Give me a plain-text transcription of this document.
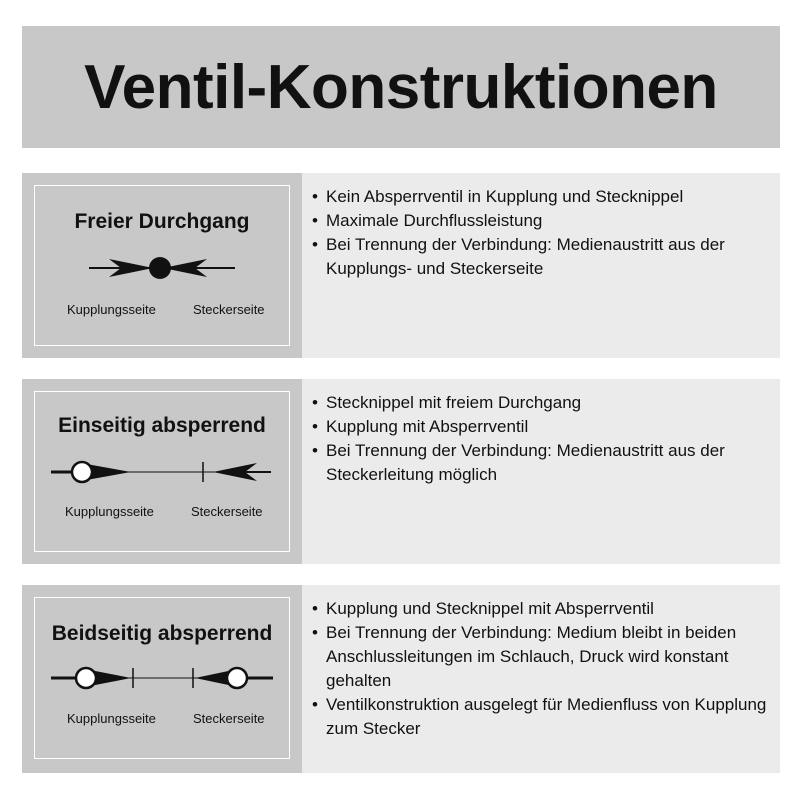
Ventil-Konstruktionen
Freier Durchgang
Kupplungsseite	Steckerseite
• Kein Absperrventil in Kupplung und Stecknippel
• Maximale Durchflussleistung
• Bei Trennung der Verbindung: Medienaustritt aus der Kupplungs- und Steckerseite
Einseitig absperrend
Kupplungsseite	Steckerseite
• Stecknippel mit freiem Durchgang
• Kupplung mit Absperrventil
• Bei Trennung der Verbindung: Medienaustritt aus der Steckerleitung möglich
Beidseitig absperrend
Kupplungsseite	Steckerseite
• Kupplung und Stecknippel mit Absperrventil
• Bei Trennung der Verbindung: Medium bleibt in beiden Anschlussleitungen im Schlauch, Druck wird konstant gehalten
• Ventilkonstruktion ausgelegt für Medienfluss von Kupplung zum Stecker
